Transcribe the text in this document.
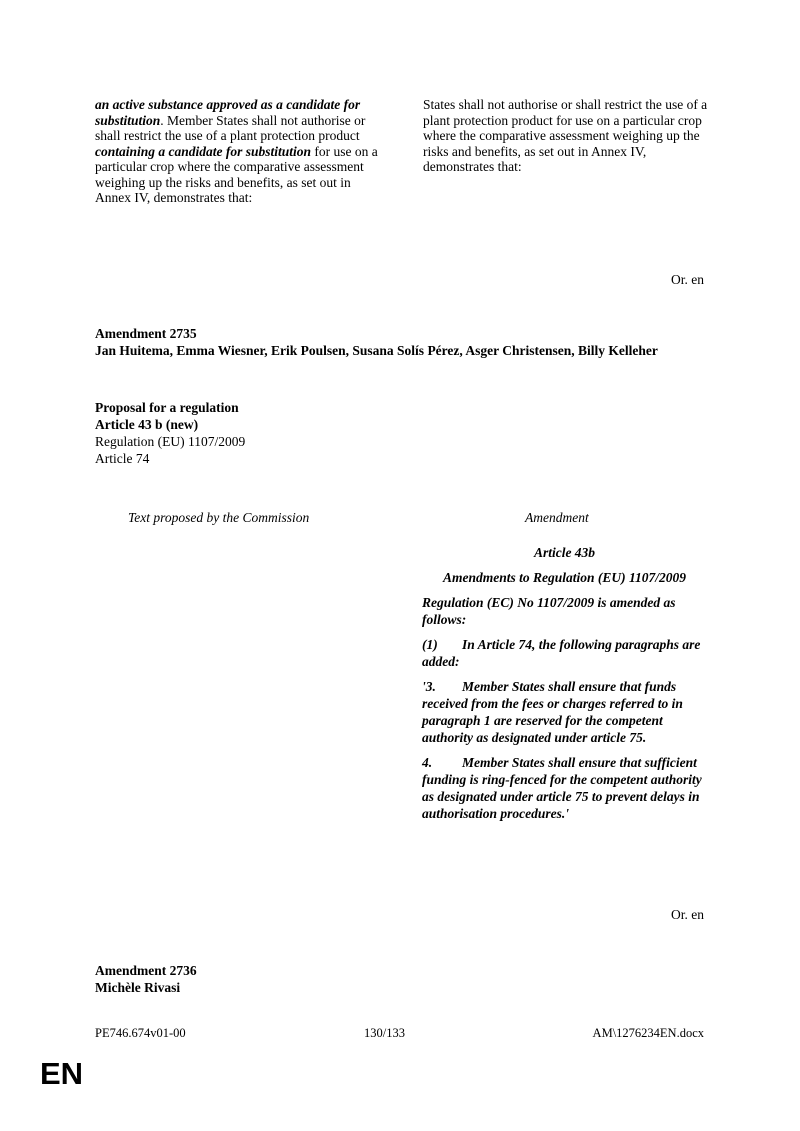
an active substance approved as a candidate for substitution. Member States shall not authorise or shall restrict the use of a plant protection product containing a candidate for substitution for use on a particular crop where the comparative assessment weighing up the risks and benefits, as set out in Annex IV, demonstrates that:
States shall not authorise or shall restrict the use of a plant protection product for use on a particular crop where the comparative assessment weighing up the risks and benefits, as set out in Annex IV, demonstrates that:
Or. en
Amendment 2735
Jan Huitema, Emma Wiesner, Erik Poulsen, Susana Solís Pérez, Asger Christensen, Billy Kelleher
Proposal for a regulation
Article 43 b (new)
Regulation (EU) 1107/2009
Article 74
Text proposed by the Commission	Amendment

Article 43b

Amendments to Regulation (EU) 1107/2009

Regulation (EC) No 1107/2009 is amended as follows:

(1) In Article 74, the following paragraphs are added:

'3. Member States shall ensure that funds received from the fees or charges referred to in paragraph 1 are reserved for the competent authority as designated under article 75.

4. Member States shall ensure that sufficient funding is ring-fenced for the competent authority as designated under article 75 to prevent delays in authorisation procedures.'

Or. en
Amendment 2736
Michèle Rivasi
PE746.674v01-00	130/133	AM\1276234EN.docx
EN
